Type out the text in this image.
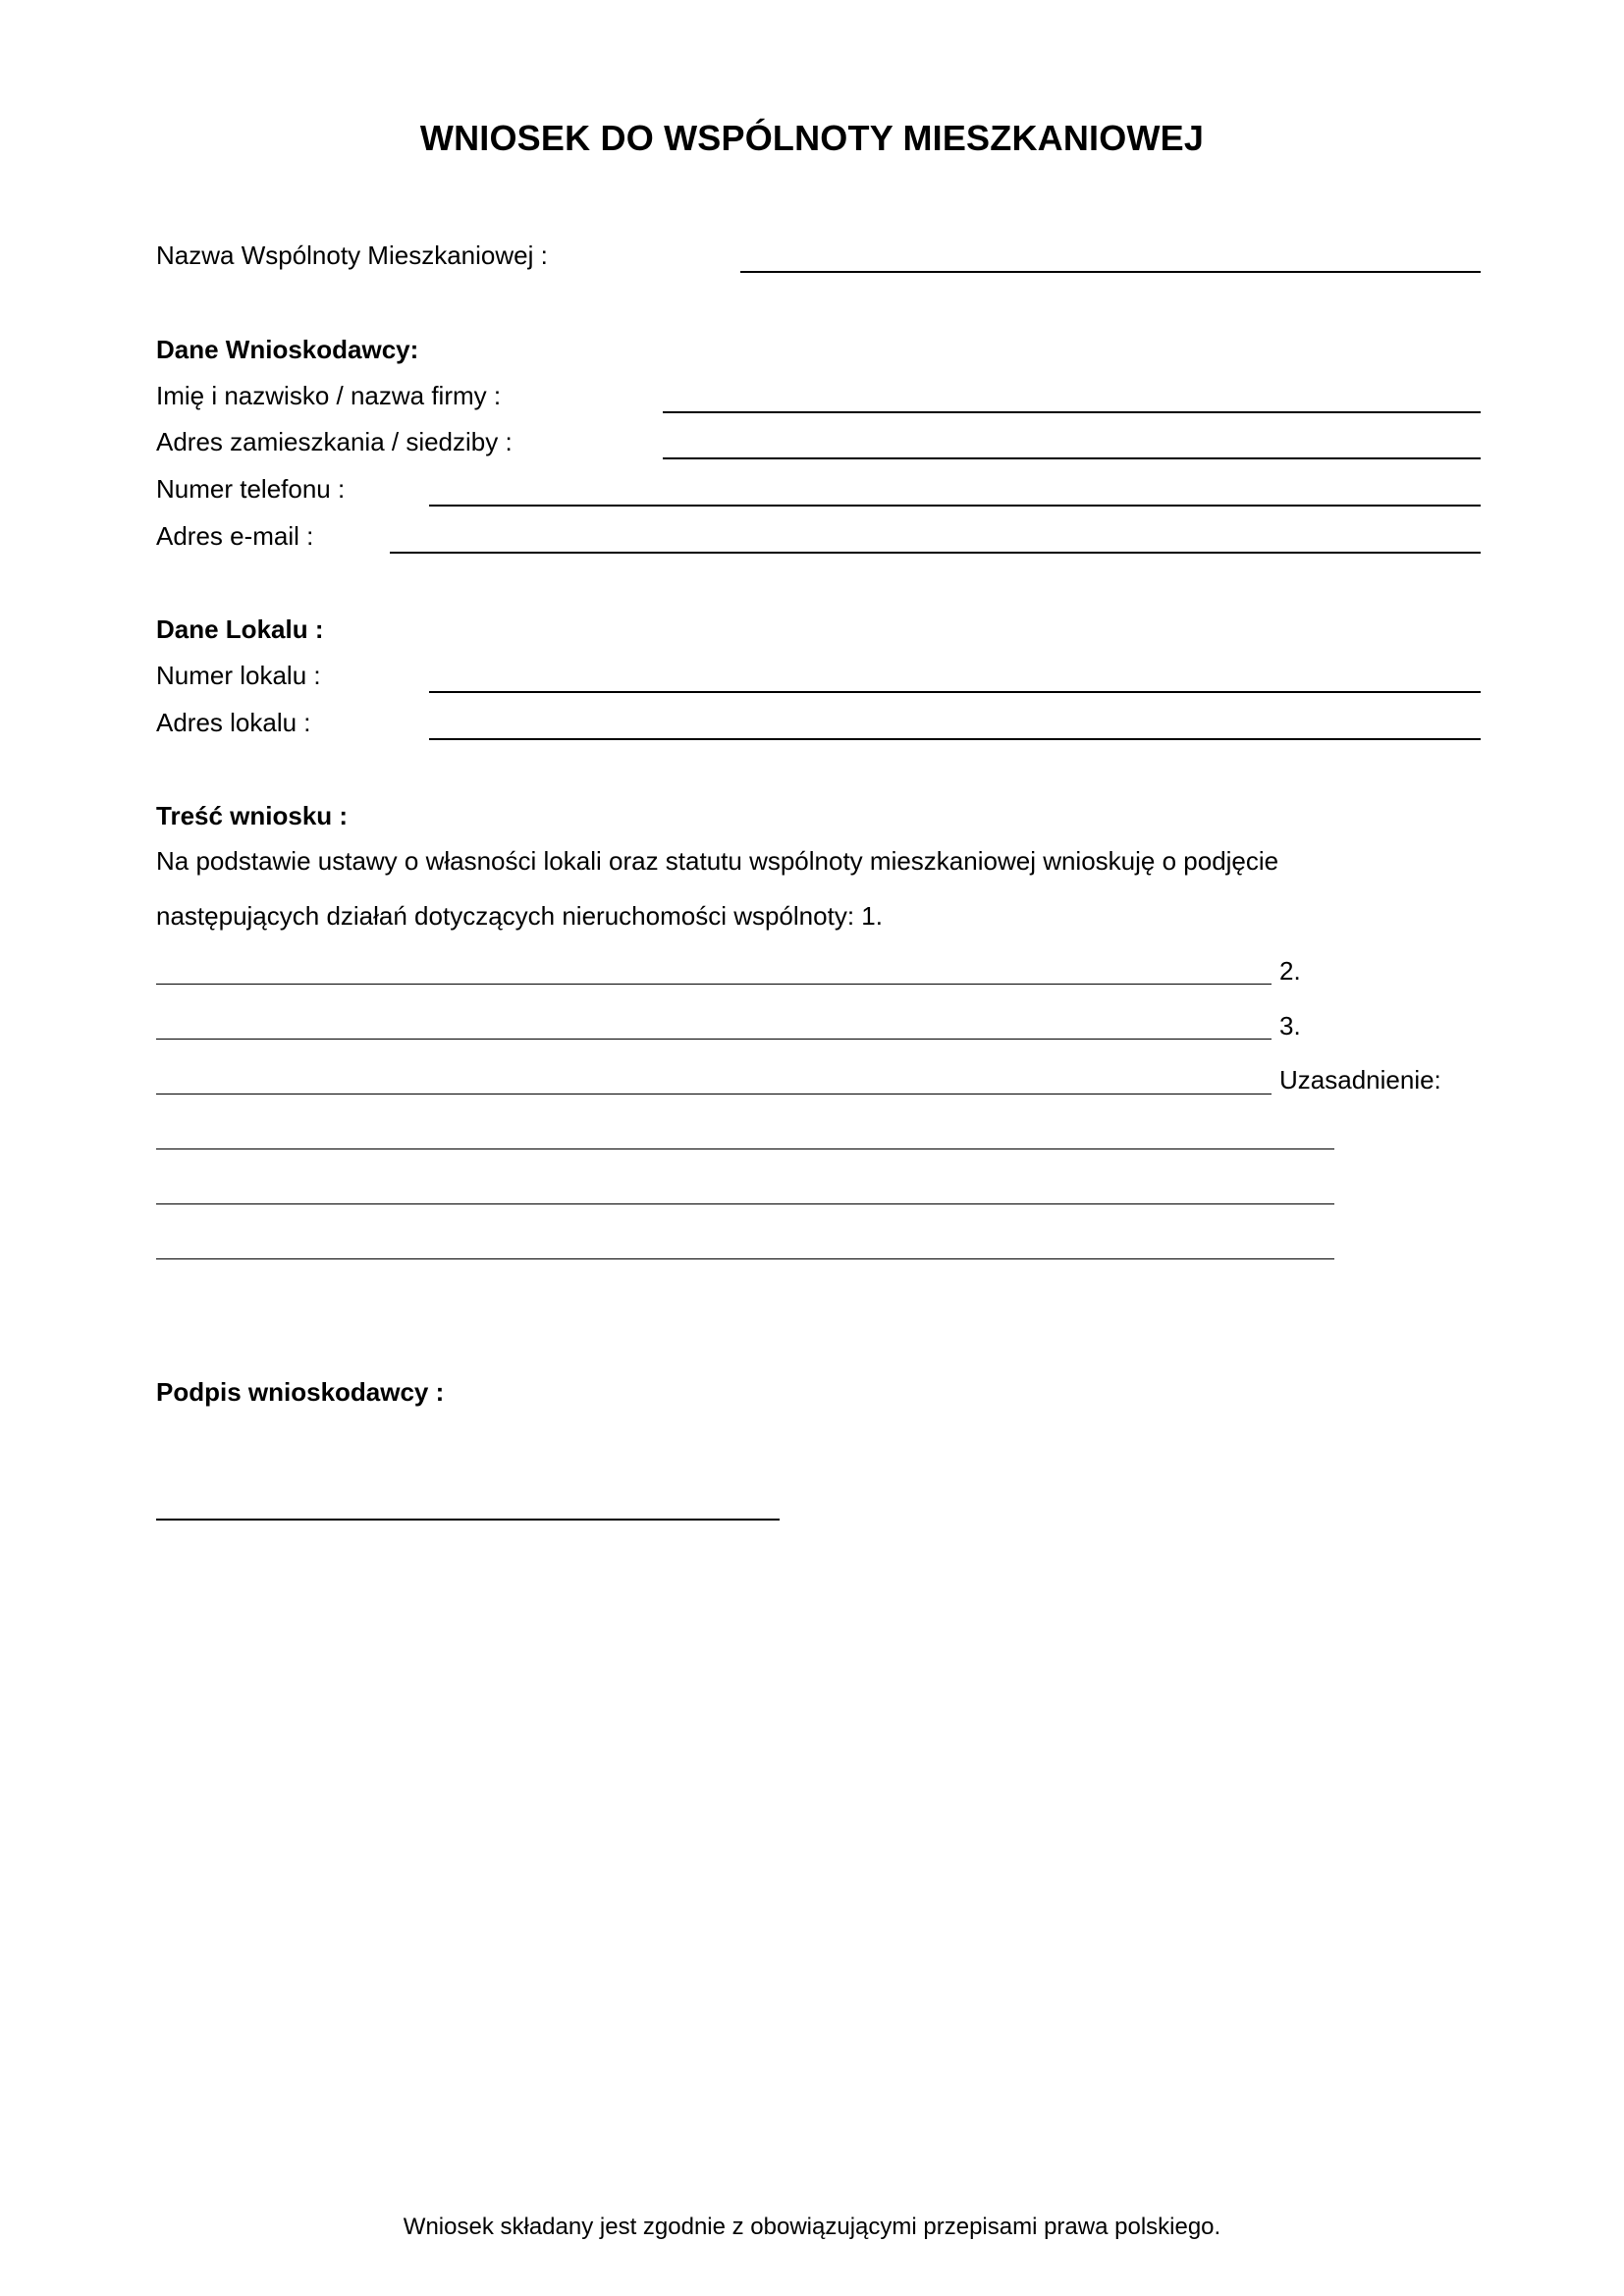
WNIOSEK DO WSPÓLNOTY MIESZKANIOWEJ
Nazwa Wspólnoty Mieszkaniowej :
Dane Wnioskodawcy:
Imię i nazwisko / nazwa firmy :
Adres zamieszkania / siedziby :
Numer telefonu :
Adres e-mail :
Dane Lokalu :
Numer lokalu :
Adres lokalu :
Treść wniosku :
Na podstawie ustawy o własności lokali oraz statutu wspólnoty mieszkaniowej wnioskuję o podjęcie
następujących działań dotyczących nieruchomości wspólnoty: 1.
2.
3.
Uzasadnienie:
Podpis wnioskodawcy :
Wniosek składany jest zgodnie z obowiązującymi przepisami prawa polskiego.
